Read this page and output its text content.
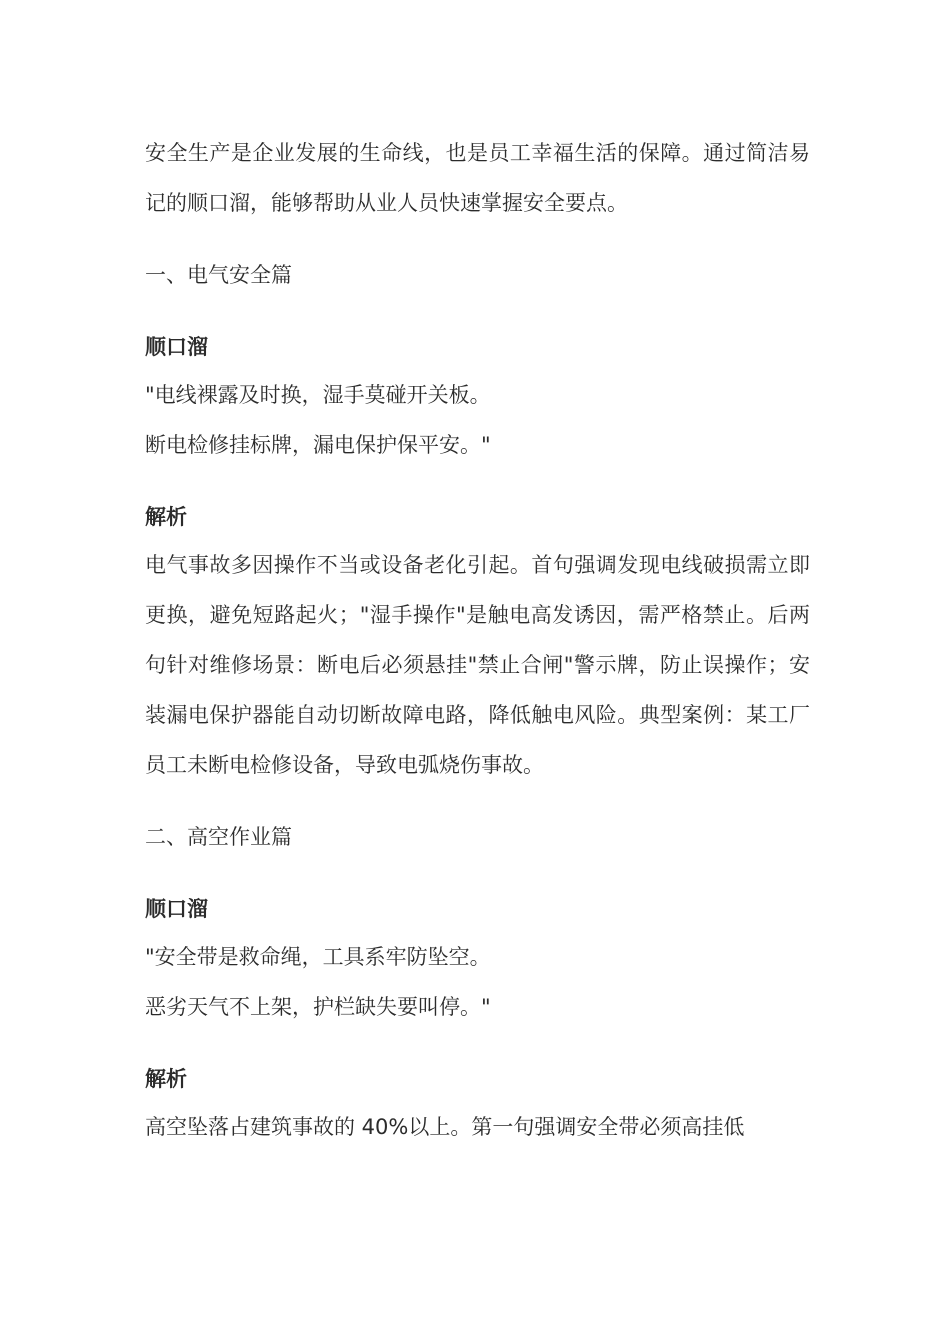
安全生产是企业发展的生命线，也是员工幸福生活的保障。通过简洁易记的顺口溜，能够帮助从业人员快速掌握安全要点。

一、电气安全篇
顺口溜

"电线裸露及时换，湿手莫碰开关板。

断电检修挂标牌，漏电保护保平安。"

解析

电气事故多因操作不当或设备老化引起。首句强调发现电线破损需立即更换，避免短路起火；"湿手操作"是触电高发诱因，需严格禁止。后两句针对维修场景：断电后必须悬挂"禁止合闸"警示牌，防止误操作；安装漏电保护器能自动切断故障电路，降低触电风险。典型案例：某工厂员工未断电检修设备，导致电弧烧伤事故。

二、高空作业篇
顺口溜

"安全带是救命绳，工具系牢防坠空。

恶劣天气不上架，护栏缺失要叫停。"

解析

高空坠落占建筑事故的 40%以上。第一句强调安全带必须高挂低
